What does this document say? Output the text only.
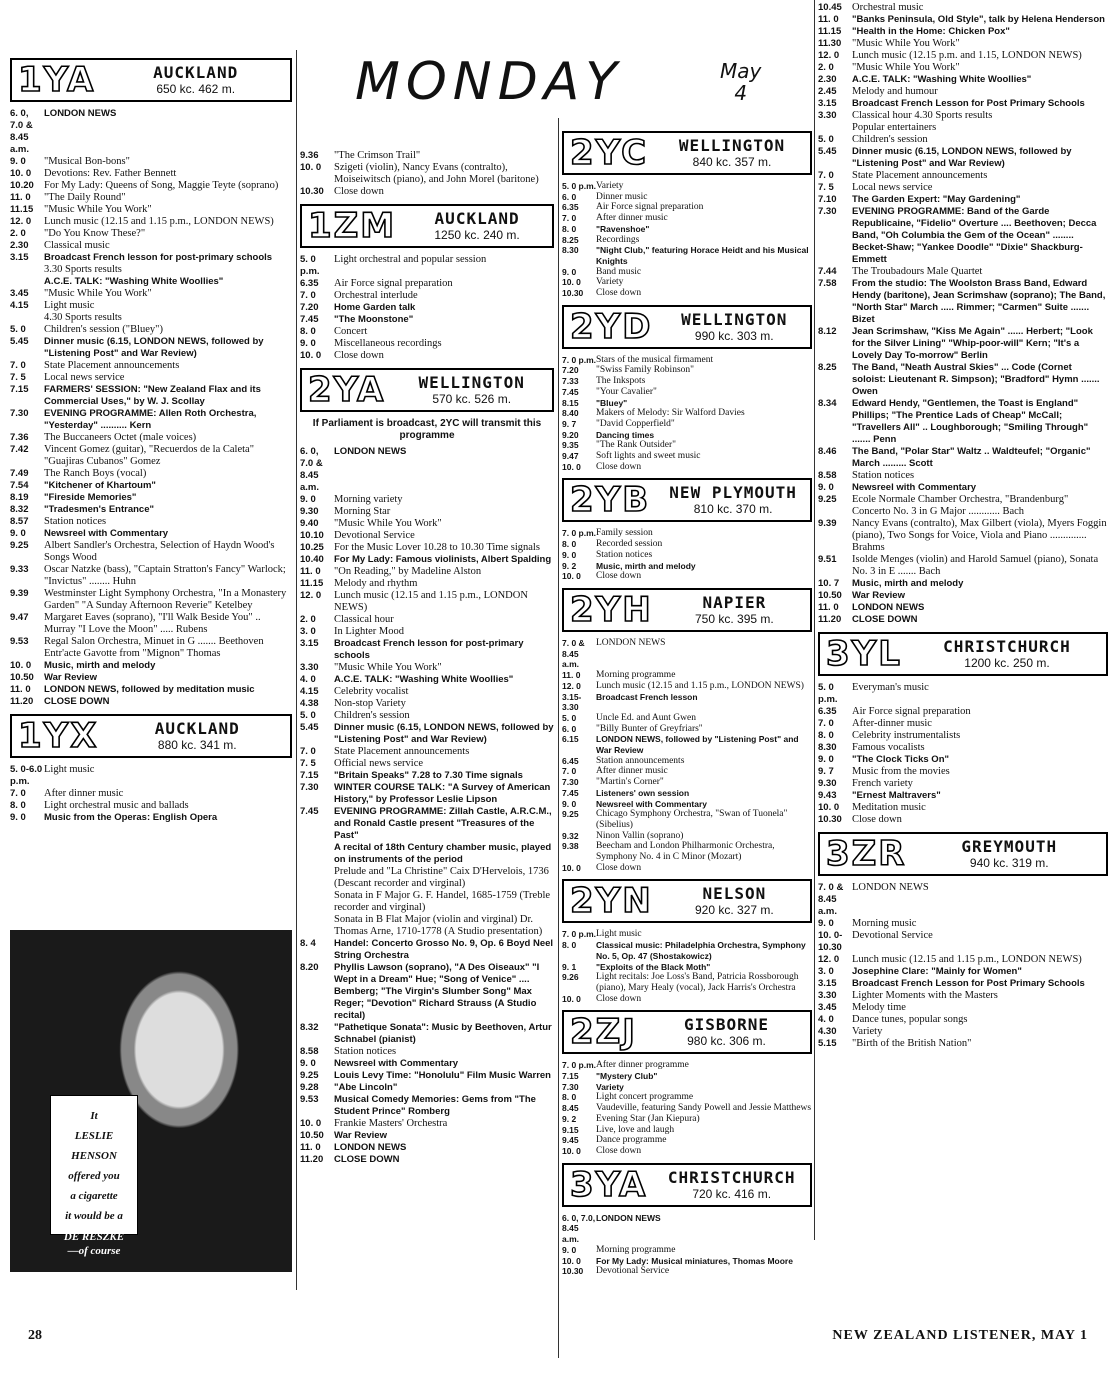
MONDAY	May
4
1YA	AUCKLAND
650 kc. 462 m.
6. 0, 7.0 & 8.45 a.m.
LONDON NEWS
9. 0	"Musical Bon-bons"
10. 0	Devotions: Rev. Father Bennett
10.20 For My Lady: Queens of Song, Maggie Teyte (soprano)
11. 0	"The Daily Round"
11.15	"Music While You Work"
12. 0	Lunch music (12.15 and 1.15 p.m., LONDON NEWS)
2. 0	"Do You Know These?"
2.30	Classical music
3.15	Broadcast French lesson for post-primary schools
3.30 Sports results
A.C.E. TALK: "Washing White Woollies"
3.45	"Music While You Work"
4.15	Light music
4.30 Sports results
5. 0	Children's session ("Bluey")
5.45	Dinner music (6.15, LONDON NEWS, followed by "Listening Post" and War Review)
7. 0	State Placement announcements
7. 5	Local news service
7.15	FARMERS' SESSION: "New Zealand Flax and its Commercial Uses," by W. J. Scollay
7.30	EVENING PROGRAMME: Allen Roth Orchestra, "Yesterday" .......... Kern
7.36	The Buccaneers Octet (male voices)
7.42	Vincent Gomez (guitar), "Recuerdos de la Caleta" "Guajiras Cubanos" Gomez
7.49	The Ranch Boys (vocal)
7.54	"Kitchener of Khartoum"
8.19	"Fireside Memories"
8.32	"Tradesmen's Entrance"
8.57	Station notices
9. 0	Newsreel with Commentary
9.25	Albert Sandler's Orchestra, Selection of Haydn Wood's Songs Wood
9.33	Oscar Natzke (bass), "Captain Stratton's Fancy" Warlock; "Invictus" ........ Huhn
9.39	Westminster Light Symphony Orchestra, "In a Monastery Garden" "A Sunday Afternoon Reverie" Ketelbey
9.47	Margaret Eaves (soprano), "I'll Walk Beside You" .. Murray "I Love the Moon" ..... Rubens
9.53	Regal Salon Orchestra, Minuet in G ....... Beethoven Entr'acte Gavotte from "Mignon" Thomas
10. 0	Music, mirth and melody
10.50	War Review
11. 0	LONDON NEWS, followed by meditation music
11.20	CLOSE DOWN
1YX	AUCKLAND
880 kc. 341 m.
5. 0-6.0 p.m.
Light music
7. 0	After dinner music
8. 0	Light orchestral music and ballads
9. 0	Music from the Operas: English Opera
9.36	"The Crimson Trail"
10. 0	Szigeti (violin), Nancy Evans (contralto), Moiseiwitsch (piano), and John Morel (baritone)
10.30 Close down
1ZM	AUCKLAND
1250 kc. 240 m.
5. 0 p.m.
Light orchestral and popular session
6.35	Air Force signal preparation
7. 0	Orchestral interlude
7.20	Home Garden talk
7.45	"The Moonstone"
8. 0	Concert
9. 0	Miscellaneous recordings
10. 0	Close down
2YA	WELLINGTON
570 kc. 526 m.
If Parliament is broadcast, 2YC will transmit this programme
6. 0, 7.0 & 8.45 a.m.
LONDON NEWS
9. 0	Morning variety
9.30	Morning Star
9.40	"Music While You Work"
10.10 Devotional Service
10.25 For the Music Lover 10.28 to 10.30 Time signals
10.40	For My Lady: Famous violinists, Albert Spalding
11. 0	"On Reading," by Madeline Alston
11.15	Melody and rhythm
12. 0	Lunch music (12.15 and 1.15 p.m., LONDON NEWS)
2. 0	Classical hour
3. 0	In Lighter Mood
3.15	Broadcast French lesson for post-primary schools
3.30	"Music While You Work"
4. 0	A.C.E. TALK: "Washing White Woollies"
4.15	Celebrity vocalist
4.38	Non-stop Variety
5. 0	Children's session
5.45	Dinner music (6.15, LONDON NEWS, followed by "Listening Post" and War Review)
7. 0	State Placement announcements
7. 5	Official news service
7.15	"Britain Speaks" 7.28 to 7.30 Time signals
7.30	WINTER COURSE TALK: "A Survey of American History," by Professor Leslie Lipson
7.45	EVENING PROGRAMME: Zillah Castle, A.R.C.M., and Ronald Castle present "Treasures of the Past"
A recital of 18th Century chamber music, played on instruments of the period
Prelude and "La Christine" Caix D'Hervelois, 1736 (Descant recorder and virginal)
Sonata in F Major G. F. Handel, 1685-1759 (Treble recorder and virginal)
Sonata in B Flat Major (violin and virginal) Dr. Thomas Arne, 1710-1778 (A Studio presentation)
8. 4	Handel: Concerto Grosso No. 9, Op. 6 Boyd Neel String Orchestra
8.20	Phyllis Lawson (soprano), "A Des Oiseaux" "I Wept in a Dream" Hue; "Song of Venice" .... Bemberg; "The Virgin's Slumber Song" Max Reger; "Devotion" Richard Strauss (A Studio recital)
8.32	"Pathetique Sonata": Music by Beethoven, Artur Schnabel (pianist)
8.58	Station notices
9. 0	Newsreel with Commentary
9.25	Louis Levy Time: "Honolulu" Film Music Warren
9.28	"Abe Lincoln"
9.53	Musical Comedy Memories: Gems from "The Student Prince" Romberg
10. 0	Frankie Masters' Orchestra
10.50	War Review
11. 0	LONDON NEWS
11.20	CLOSE DOWN
2YC	WELLINGTON
840 kc. 357 m.
5. 0 p.m. Variety
6. 0	Dinner music
6.35	Air Force signal preparation
7. 0	After dinner music
8. 0	"Ravenshoe"
8.25	Recordings
8.30	"Night Club," featuring Horace Heidt and his Musical Knights
9. 0	Band music
10. 0	Variety
10.30	Close down
2YD	WELLINGTON
990 kc. 303 m.
7. 0 p.m. Stars of the musical firmament
7.20	"Swiss Family Robinson"
7.33	The Inkspots
7.45	"Your Cavalier"
8.15	"Bluey"
8.40	Makers of Melody: Sir Walford Davies
9. 7	"David Copperfield"
9.20	Dancing times
9.35	"The Rank Outsider"
9.47	Soft lights and sweet music
10. 0	Close down
2YB	NEW PLYMOUTH
810 kc. 370 m.
7. 0 p.m. Family session
8. 0	Recorded session
9. 0	Station notices
9. 2	Music, mirth and melody
10. 0	Close down
2YH	NAPIER
750 kc. 395 m.
7. 0 & 8.45 a.m.
LONDON NEWS
11. 0	Morning programme
12. 0	Lunch music (12.15 and 1.15 p.m., LONDON NEWS)
3.15-3.30
Broadcast French lesson
5. 0	Uncle Ed. and Aunt Gwen
6. 0	"Billy Bunter of Greyfriars"
6.15	LONDON NEWS, followed by "Listening Post" and War Review
6.45	Station announcements
7. 0	After dinner music
7.30	"Martin's Corner"
7.45	Listeners' own session
9. 0	Newsreel with Commentary
9.25	Chicago Symphony Orchestra, "Swan of Tuonela" (Sibelius)
9.32	Ninon Vallin (soprano)
9.38	Beecham and London Philharmonic Orchestra, Symphony No. 4 in C Minor (Mozart)
10. 0	Close down
2YN	NELSON
920 kc. 327 m.
7. 0 p.m. Light music
8. 0	Classical music: Philadelphia Orchestra, Symphony No. 5, Op. 47 (Shostakowicz)
9. 1	"Exploits of the Black Moth"
9.26	Light recitals: Joe Loss's Band, Patricia Rossborough (piano), Mary Healy (vocal), Jack Harris's Orchestra
10. 0	Close down
2ZJ	GISBORNE
980 kc. 306 m.
7. 0 p.m. After dinner programme
7.15	"Mystery Club"
7.30	Variety
8. 0	Light concert programme
8.45	Vaudeville, featuring Sandy Powell and Jessie Matthews
9. 2	Evening Star (Jan Kiepura)
9.15	Live, love and laugh
9.45	Dance programme
10. 0	Close down
3YA	CHRISTCHURCH
720 kc. 416 m.
6. 0, 7.0, 8.45 a.m.
LONDON NEWS
9. 0	Morning programme
10. 0	For My Lady: Musical miniatures, Thomas Moore
10.30	Devotional Service
10.45 Orchestral music
11. 0	"Banks Peninsula, Old Style", talk by Helena Henderson
11.15	"Health in the Home: Chicken Pox"
11.30	"Music While You Work"
12. 0	Lunch music (12.15 p.m. and 1.15, LONDON NEWS)
2. 0	"Music While You Work"
2.30	A.C.E. TALK: "Washing White Woollies"
2.45	Melody and humour
3.15	Broadcast French Lesson for Post Primary Schools
3.30	Classical hour 4.30 Sports results
Popular entertainers
5. 0	Children's session
5.45	Dinner music (6.15, LONDON NEWS, followed by "Listening Post" and War Review)
7. 0	State Placement announcements
7. 5	Local news service
7.10	The Garden Expert: "May Gardening"
7.30	EVENING PROGRAMME: Band of the Garde Republicaine, "Fidelio" Overture .... Beethoven; Decca Band, "Oh Columbia the Gem of the Ocean" ........ Becket-Shaw; "Yankee Doodle" "Dixie" Shackburg-Emmett
7.44	The Troubadours Male Quartet
7.58	From the studio: The Woolston Brass Band, Edward Hendy (baritone), Jean Scrimshaw (soprano); The Band, "North Star" March ..... Rimmer; "Carmen" Suite ....... Bizet
8.12	Jean Scrimshaw, "Kiss Me Again" ...... Herbert; "Look for the Silver Lining" "Whip-poor-will" Kern; "It's a Lovely Day To-morrow" Berlin
8.25	The Band, "Neath Austral Skies" ... Code (Cornet soloist: Lieutenant R. Simpson); "Bradford" Hymn ....... Owen
8.34	Edward Hendy, "Gentlemen, the Toast is England" Phillips; "The Prentice Lads of Cheap" McCall; "Travellers All" .. Loughborough; "Smiling Through" ....... Penn
8.46	The Band, "Polar Star" Waltz .. Waldteufel; "Organic" March ......... Scott
8.58	Station notices
9. 0	Newsreel with Commentary
9.25	Ecole Normale Chamber Orchestra, "Brandenburg" Concerto No. 3 in G Major ............ Bach
9.39	Nancy Evans (contralto), Max Gilbert (viola), Myers Foggin (piano), Two Songs for Voice, Viola and Piano .............. Brahms
9.51	Isolde Menges (violin) and Harold Samuel (piano), Sonata No. 3 in E ....... Bach
10. 7	Music, mirth and melody
10.50	War Review
11. 0	LONDON NEWS
11.20	CLOSE DOWN
3YL	CHRISTCHURCH
1200 kc. 250 m.
5. 0 p.m.
Everyman's music
6.35	Air Force signal preparation
7. 0	After-dinner music
8. 0	Celebrity instrumentalists
8.30	Famous vocalists
9. 0	"The Clock Ticks On"
9. 7	Music from the movies
9.30	French variety
9.43	"Ernest Maltravers"
10. 0	Meditation music
10.30 Close down
3ZR	GREYMOUTH
940 kc. 319 m.
7. 0 & 8.45 a.m.
LONDON NEWS
9. 0	Morning music
10. 0-10.30
Devotional Service
12. 0	Lunch music (12.15 and 1.15 p.m., LONDON NEWS)
3. 0	Josephine Clare: "Mainly for Women"
3.15	Broadcast French Lesson for Post Primary Schools
3.30	Lighter Moments with the Masters
3.45	Melody time
4. 0	Dance tunes, popular songs
4.30	Variety
5.15	"Birth of the British Nation"
It
LESLIE
HENSON
offered you
a cigarette
it would be a
DE RESZKE
—of course
28	NEW ZEALAND LISTENER, MAY 1
